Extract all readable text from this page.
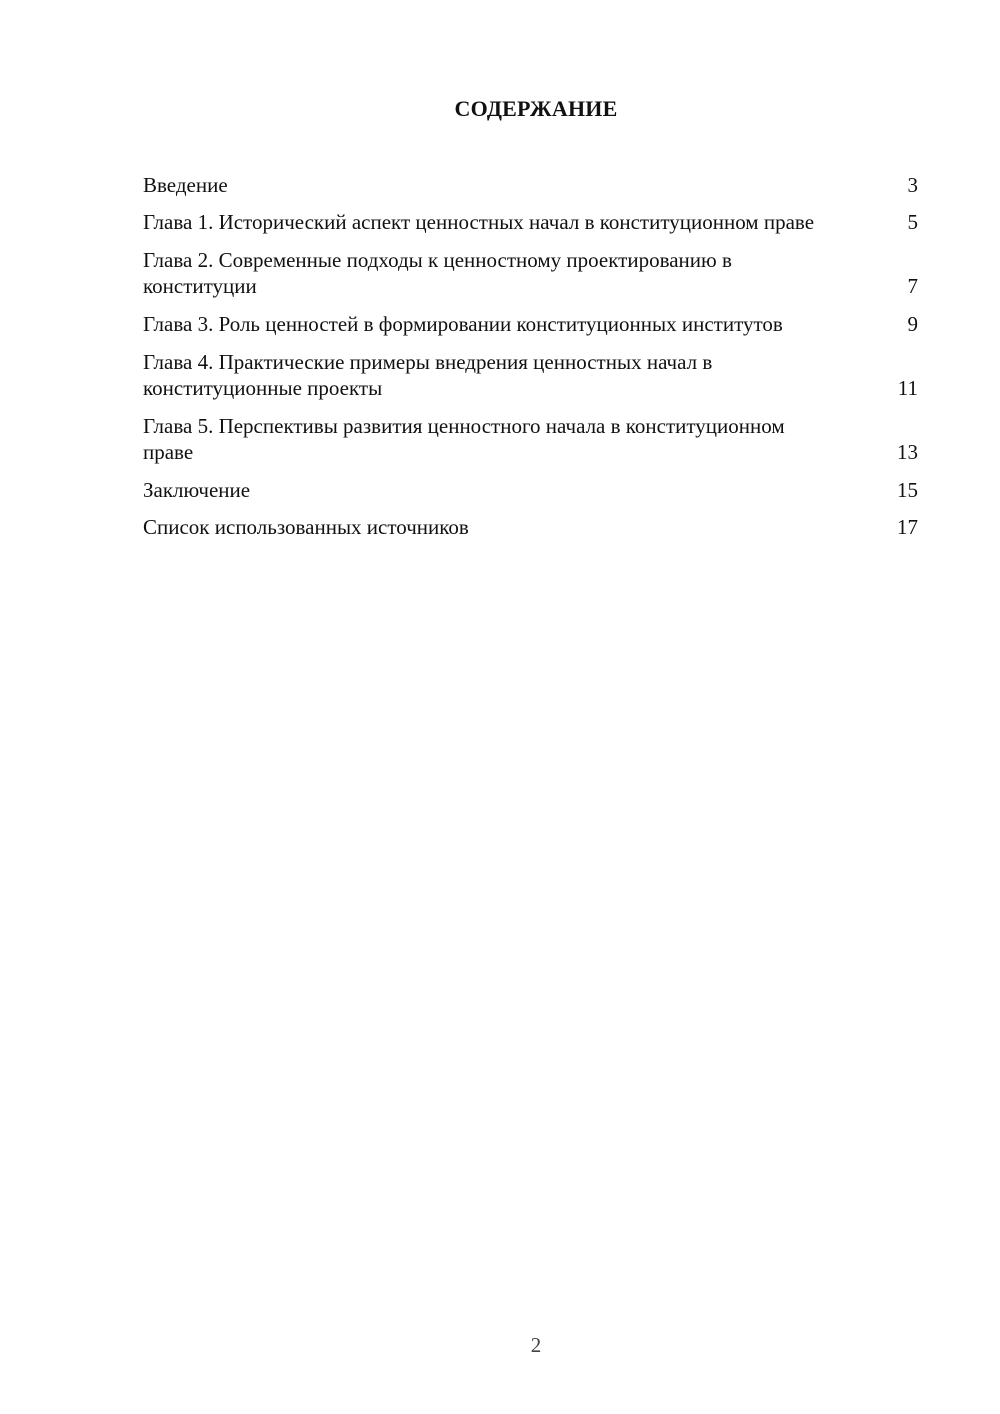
СОДЕРЖАНИЕ
Введение	3
Глава 1. Исторический аспект ценностных начал в конституционном праве	5
Глава 2. Современные подходы к ценностному проектированию в конституции	7
Глава 3. Роль ценностей в формировании конституционных институтов	9
Глава 4. Практические примеры внедрения ценностных начал в конституционные проекты	11
Глава 5. Перспективы развития ценностного начала в конституционном праве	13
Заключение	15
Список использованных источников	17
2
